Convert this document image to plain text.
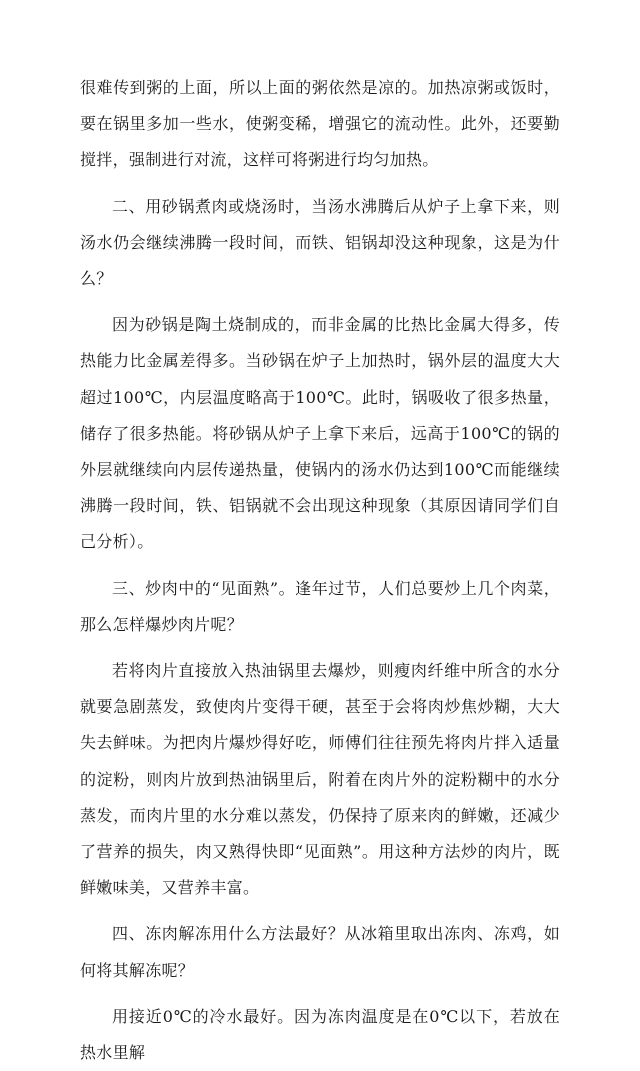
很难传到粥的上面，所以上面的粥依然是凉的。加热凉粥或饭时，要在锅里多加一些水，使粥变稀，增强它的流动性。此外，还要勤搅拌，强制进行对流，这样可将粥进行均匀加热。

二、用砂锅煮肉或烧汤时，当汤水沸腾后从炉子上拿下来，则汤水仍会继续沸腾一段时间，而铁、铝锅却没这种现象，这是为什么？

因为砂锅是陶土烧制成的，而非金属的比热比金属大得多，传热能力比金属差得多。当砂锅在炉子上加热时，锅外层的温度大大超过100℃，内层温度略高于100℃。此时，锅吸收了很多热量，储存了很多热能。将砂锅从炉子上拿下来后，远高于100℃的锅的外层就继续向内层传递热量，使锅内的汤水仍达到100℃而能继续沸腾一段时间，铁、铝锅就不会出现这种现象（其原因请同学们自己分析）。

三、炒肉中的“见面熟”。逢年过节，人们总要炒上几个肉菜，那么怎样爆炒肉片呢？

若将肉片直接放入热油锅里去爆炒，则瘦肉纤维中所含的水分就要急剧蒸发，致使肉片变得干硬，甚至于会将肉炒焦炒糊，大大失去鲜味。为把肉片爆炒得好吃，师傅们往往预先将肉片拌入适量的淀粉，则肉片放到热油锅里后，附着在肉片外的淀粉糊中的水分蒸发，而肉片里的水分难以蒸发，仍保持了原来肉的鲜嫩，还减少了营养的损失，肉又熟得快即“见面熟”。用这种方法炒的肉片，既鲜嫩味美，又营养丰富。

四、冻肉解冻用什么方法最好？从冰箱里取出冻肉、冻鸡，如何将其解冻呢？

用接近0℃的冷水最好。因为冻肉温度是在0℃以下，若放在热水里解
